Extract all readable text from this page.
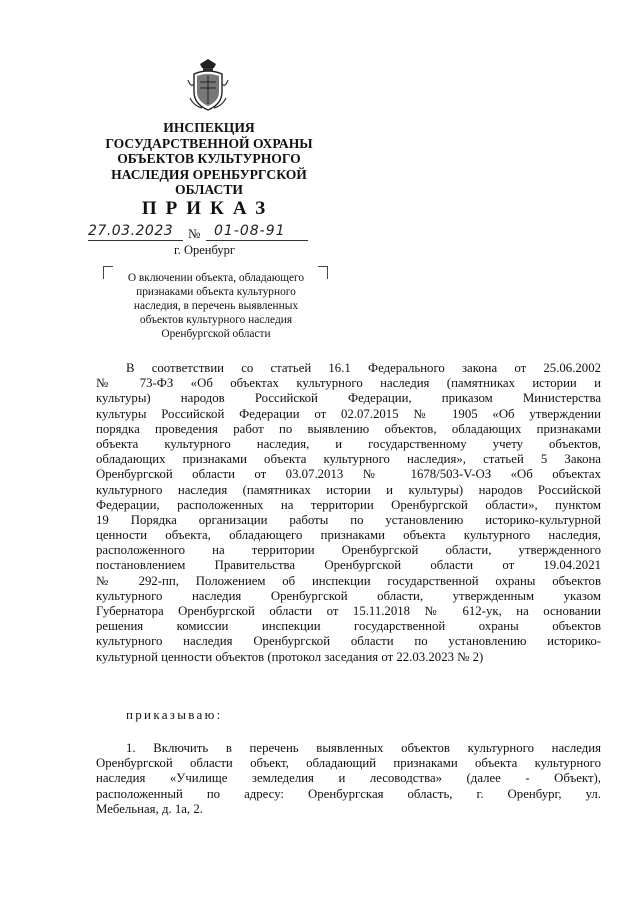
ИНСПЕКЦИЯ
ГОСУДАРСТВЕННОЙ ОХРАНЫ
ОБЪЕКТОВ КУЛЬТУРНОГО
НАСЛЕДИЯ ОРЕНБУРГСКОЙ
ОБЛАСТИ
ПРИКАЗ
27.03.2023 № 01-08-91
г. Оренбург
О включении объекта, обладающего
признаками объекта культурного
наследия, в перечень выявленных
объектов культурного наследия
Оренбургской области
В соответствии со статьей 16.1 Федерального закона от 25.06.2002
№ 73-ФЗ «Об объектах культурного наследия (памятниках истории и
культуры) народов Российской Федерации, приказом Министерства
культуры Российской Федерации от 02.07.2015 № 1905 «Об утверждении
порядка проведения работ по выявлению объектов, обладающих признаками
объекта культурного наследия, и государственному учету объектов,
обладающих признаками объекта культурного наследия», статьей 5 Закона
Оренбургской области от 03.07.2013 № 1678/503-V-ОЗ «Об объектах
культурного наследия (памятниках истории и культуры) народов Российской
Федерации, расположенных на территории Оренбургской области», пунктом
19 Порядка организации работы по установлению историко-культурной
ценности объекта, обладающего признаками объекта культурного наследия,
расположенного на территории Оренбургской области, утвержденного
постановлением Правительства Оренбургской области от 19.04.2021
№ 292-пп, Положением об инспекции государственной охраны объектов
культурного наследия Оренбургской области, утвержденным указом
Губернатора Оренбургской области от 15.11.2018 № 612-ук, на основании
решения комиссии инспекции государственной охраны объектов
культурного наследия Оренбургской области по установлению историко-
культурной ценности объектов (протокол заседания от 22.03.2023 № 2)
приказываю:
1. Включить в перечень выявленных объектов культурного наследия
Оренбургской области объект, обладающий признаками объекта культурного
наследия «Училище земледелия и лесоводства» (далее - Объект),
расположенный по адресу: Оренбургская область, г. Оренбург, ул.
Мебельная, д. 1а, 2.
